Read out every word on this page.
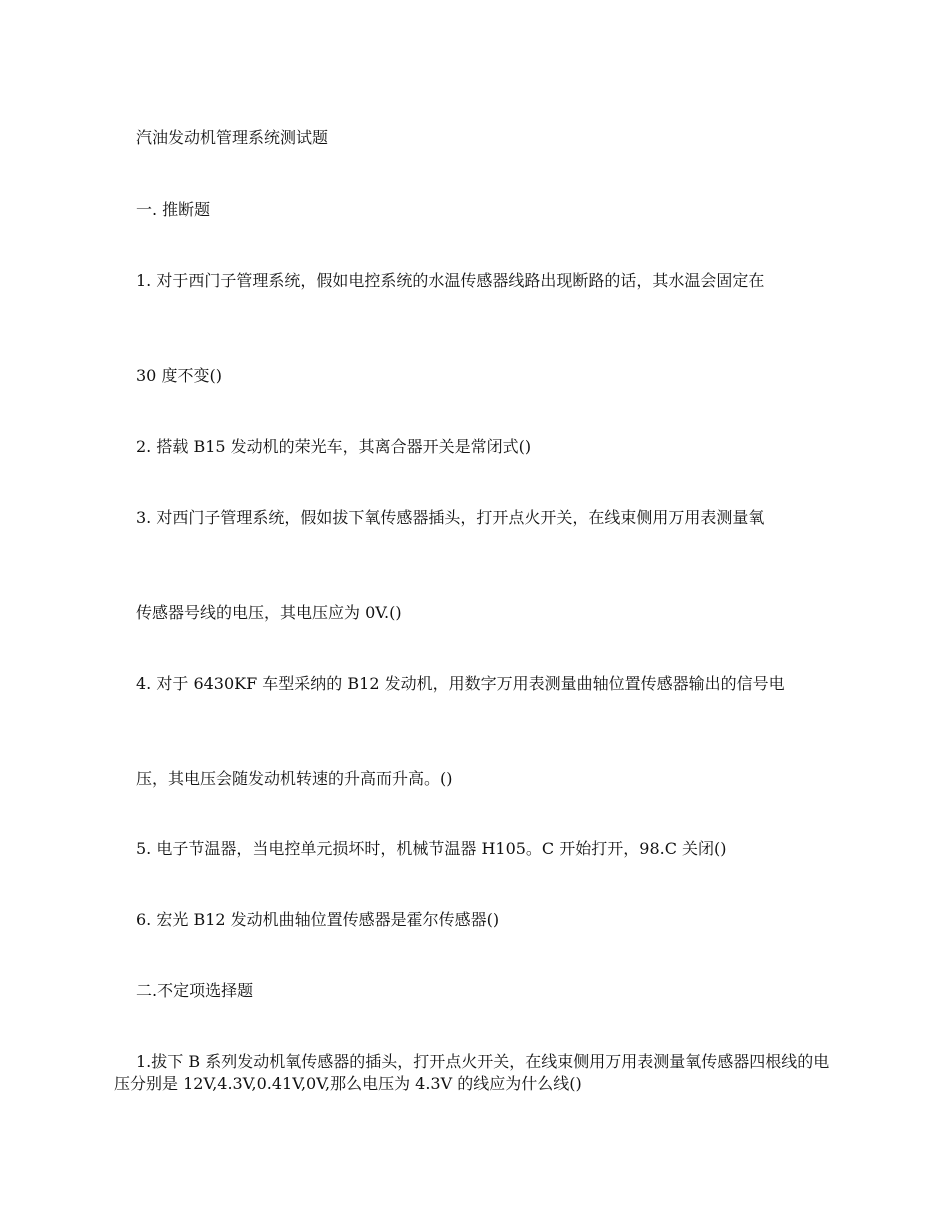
汽油发动机管理系统测试题
一. 推断题
1. 对于西门子管理系统，假如电控系统的水温传感器线路出现断路的话，其水温会固定在
30 度不变()
2. 搭载 B15 发动机的荣光车，其离合器开关是常闭式()
3. 对西门子管理系统，假如拔下氧传感器插头，打开点火开关，在线束侧用万用表测量氧
传感器号线的电压，其电压应为 0V.()
4. 对于 6430KF 车型采纳的 B12 发动机，用数字万用表测量曲轴位置传感器输出的信号电
压，其电压会随发动机转速的升高而升高。()
5. 电子节温器，当电控单元损坏时，机械节温器 H105。C 开始打开，98.C 关闭()
6. 宏光 B12 发动机曲轴位置传感器是霍尔传感器()
二.不定项选择题
1.拔下 B 系列发动机氧传感器的插头，打开点火开关，在线束侧用万用表测量氧传感器四根线的电压分别是 12V,4.3V,0.41V,0V,那么电压为 4.3V 的线应为什么线()
